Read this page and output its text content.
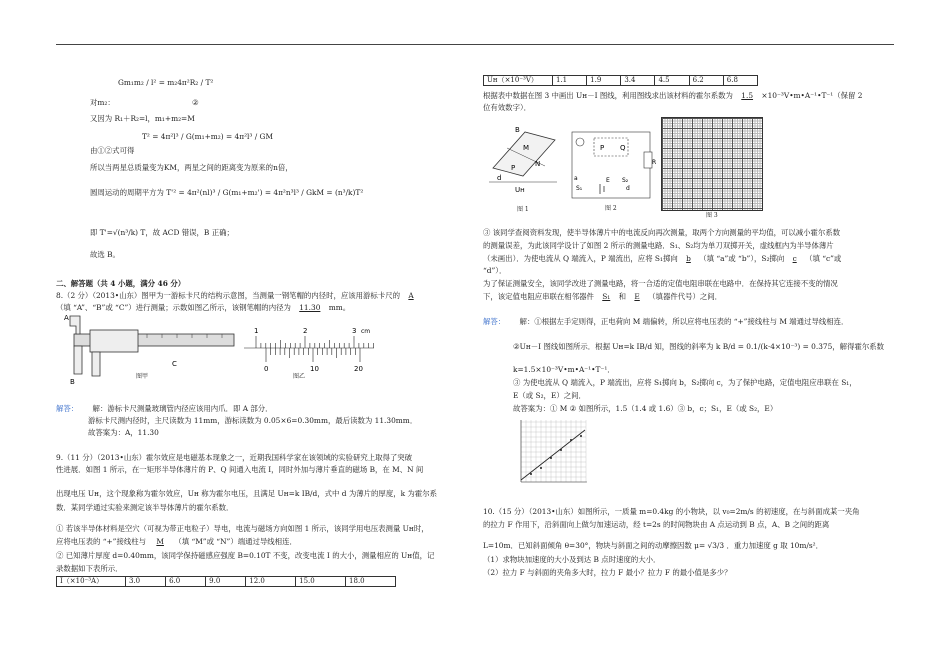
Gm₁m₂ / l² = m₂4π²R₂ / T²
对m₂：	②
又因为 R₁＋R₂=l，m₁+m₂=M
T² = 4π²l³ / G(m₁+m₂) = 4π²l³ / GM
由①②式可得
所以当两星总质量变为KM，两星之间的距离变为原来的n倍，
圆周运动的周期平方为 T'² = 4π²(nl)³ / G(m₁+m₂') = 4π²n³l³ / GkM = (n³/k)T²
即 T'=√(n³/k) T，故 ACD 错误，B 正确；
故选 B。
二、解答题（共 4 小题，满分 46 分）
8.（2 分）（2013•山东）图甲为一游标卡尺的结构示意图，当测量一钢笔帽的内径时，应该用游标卡尺的 A
（填 “A”、“B”或 “C”）进行测量；示数如图乙所示，该钢笔帽的内径为 11.30 mm。
B
C
A
图甲
1	2	3 cm
0	10	20
图乙
解答： 解：游标卡尺测量玻璃管内径应该用内爪．即 A 部分．
游标卡尺测内径时，主尺读数为 11mm，游标读数为 0.05×6=0.30mm，最后读数为 11.30mm．
故答案为：A，11.30
9.（11 分）（2013•山东）霍尔效应是电磁基本现象之一，近期我国科学家在该领域的实验研究上取得了突破
性进展．如图 1 所示，在一矩形半导体薄片的 P、Q 间通入电流 I，同时外加与薄片垂直的磁场 B，在 M、N 间
出现电压 Uн，这个现象称为霍尔效应，Uн 称为霍尔电压，且满足 Uн=k IB/d，式中 d 为薄片的厚度，k 为霍尔系
数．某同学通过实验来测定该半导体薄片的霍尔系数．
① 若该半导体材料是空穴（可视为带正电粒子）导电，电流与磁场方向如图 1 所示，该同学用电压表测量 Uн时，
应将电压表的 “+”接线柱与 M （填 “M”或 “N”）端通过导线相连．
② 已知薄片厚度 d=0.40mm，该同学保持磁感应强度 B=0.10T 不变，改变电流 I 的大小，测量相应的 Uн值，记
录数据如下表所示．
I（×10⁻³A）	3.0	6.0	9.0	12.0	15.0	18.0
Uн（×10⁻³V）	1.1	1.9	3.4	4.5	6.2	6.8
根据表中数据在图 3 中画出 Uн－I 图线，利用图线求出该材料的霍尔系数为 1.5 ×10⁻³V•m•A⁻¹•T⁻¹（保留 2
位有效数字）．
M
N
B
P
Uн
d
图 1
P Q
R
a
S₁
S₂
d
E
图 2
图 3
③ 该同学查阅资料发现，使半导体薄片中的电流反向再次测量，取两个方向测量的平均值，可以减小霍尔系数
的测量误差，为此该同学设计了如图 2 所示的测量电路．S₁、S₂均为单刀双掷开关，虚线框内为半导体薄片
（未画出）．为使电流从 Q 端流入，P 端流出，应将 S₁掷向 b （填 “a”或 “b”），S₂掷向 c （填 “c”或
“d”）．
为了保证测量安全，该同学改进了测量电路，将一合适的定值电阻串联在电路中．在保持其它连接不变的情况
下，该定值电阻应串联在相邻器件 S₁ 和 E （填器件代号）之间．
解答： 解：①根据左手定则得，正电荷向 M 端偏转，所以应将电压表的 “+”接线柱与 M 端通过导线相连．
②Uн－I 图线如图所示．根据 Uн=k IB/d 知，图线的斜率为 k B/d = 0.1/(k·4×10⁻³) = 0.375，解得霍尔系数
k=1.5×10⁻³V•m•A⁻¹•T⁻¹．
③ 为使电流从 Q 端流入，P 端流出，应将 S₁掷向 b，S₂掷向 c，为了保护电路，定值电阻应串联在 S₁，
E（或 S₂，E）之间．
故答案为：① M ② 如图所示，1.5（1.4 或 1.6）③ b，c；S₁，E（或 S₂，E）
10.（15 分）（2013•山东）如图所示，一质量 m=0.4kg 的小物块，以 v₀=2m/s 的初速度，在与斜面成某一夹角
的拉力 F 作用下，沿斜面向上做匀加速运动，经 t=2s 的时间物块由 A 点运动到 B 点，A、B 之间的距离
L=10m．已知斜面倾角 θ=30°，物块与斜面之间的动摩擦因数 μ= √3/3 ．重力加速度 g 取 10m/s²．
（1）求物块加速度的大小及到达 B 点时速度的大小．
（2）拉力 F 与斜面的夹角多大时，拉力 F 最小？拉力 F 的最小值是多少？
